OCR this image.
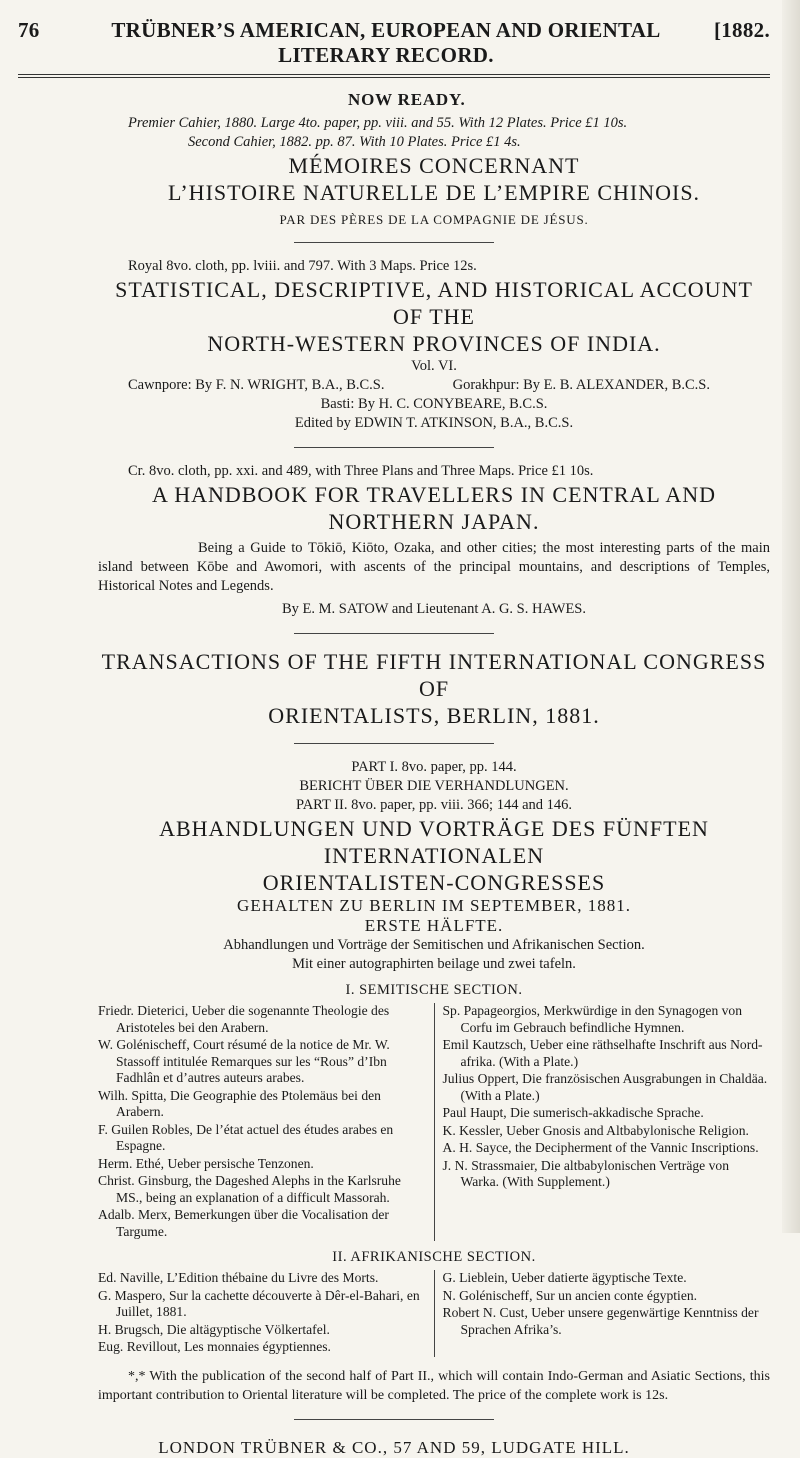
76	TRÜBNER’S AMERICAN, EUROPEAN AND ORIENTAL LITERARY RECORD.
[1882.
NOW READY.
Premier Cahier, 1880. Large 4to. paper, pp. viii. and 55. With 12 Plates. Price £1 10s.
Second Cahier, 1882. pp. 87. With 10 Plates. Price £1 4s.
MÉMOIRES CONCERNANT
L’HISTOIRE NATURELLE DE L’EMPIRE CHINOIS.
PAR DES PÈRES DE LA COMPAGNIE DE JÉSUS.
Royal 8vo. cloth, pp. lviii. and 797. With 3 Maps. Price 12s.
STATISTICAL, DESCRIPTIVE, AND HISTORICAL ACCOUNT OF THE
NORTH-WESTERN PROVINCES OF INDIA.
Vol. VI.
Cawnpore: By F. N. WRIGHT, B.A., B.C.S.	Gorakhpur: By E. B. ALEXANDER, B.C.S.
Basti: By H. C. CONYBEARE, B.C.S.
Edited by EDWIN T. ATKINSON, B.A., B.C.S.
Cr. 8vo. cloth, pp. xxi. and 489, with Three Plans and Three Maps. Price £1 10s.
A HANDBOOK FOR TRAVELLERS IN CENTRAL AND
NORTHERN JAPAN.
Being a Guide to Tōkiō, Kiōto, Ozaka, and other cities; the most interesting parts of the main island between Kōbe and Awomori, with ascents of the principal mountains, and descriptions of Temples, Historical Notes and Legends.
By E. M. SATOW and Lieutenant A. G. S. HAWES.
TRANSACTIONS OF THE FIFTH INTERNATIONAL CONGRESS OF
ORIENTALISTS, BERLIN, 1881.
PART I. 8vo. paper, pp. 144.
BERICHT ÜBER DIE VERHANDLUNGEN.
PART II. 8vo. paper, pp. viii. 366; 144 and 146.
ABHANDLUNGEN UND VORTRÄGE DES FÜNFTEN INTERNATIONALEN
ORIENTALISTEN-CONGRESSES
GEHALTEN ZU BERLIN IM SEPTEMBER, 1881.
ERSTE HÄLFTE.
Abhandlungen und Vorträge der Semitischen und Afrikanischen Section.
Mit einer autographirten beilage und zwei tafeln.
I. SEMITISCHE SECTION.
Friedr. Dieterici, Ueber die sogenannte Theologie des Aristoteles bei den Arabern.
W. Golénischeff, Court résumé de la notice de Mr. W. Stassoff intitulée Remarques sur les “Rous” d’Ibn Fadhlân et d’autres auteurs arabes.
Wilh. Spitta, Die Geographie des Ptolemäus bei den Arabern.
F. Guilen Robles, De l’état actuel des études arabes en Espagne.
Herm. Ethé, Ueber persische Tenzonen.
Christ. Ginsburg, the Dageshed Alephs in the Karlsruhe MS., being an explanation of a difficult Massorah.
Adalb. Merx, Bemerkungen über die Vocalisation der Targume.
Sp. Papageorgios, Merkwürdige in den Synagogen von Corfu im Gebrauch befindliche Hymnen.
Emil Kautzsch, Ueber eine räthselhafte Inschrift aus Nord-afrika. (With a Plate.)
Julius Oppert, Die französischen Ausgrabungen in Chaldäa. (With a Plate.)
Paul Haupt, Die sumerisch-akkadische Sprache.
K. Kessler, Ueber Gnosis and Altbabylonische Religion.
A. H. Sayce, the Decipherment of the Vannic Inscriptions.
J. N. Strassmaier, Die altbabylonischen Verträge von Warka. (With Supplement.)
II. AFRIKANISCHE SECTION.
Ed. Naville, L’Edition thébaine du Livre des Morts.
G. Maspero, Sur la cachette découverte à Dêr-el-Bahari, en Juillet, 1881.
H. Brugsch, Die altägyptische Völkertafel.
Eug. Revillout, Les monnaies égyptiennes.
G. Lieblein, Ueber datierte ägyptische Texte.
N. Golénischeff, Sur un ancien conte égyptien.
Robert N. Cust, Ueber unsere gegenwärtige Kenntniss der Sprachen Afrika’s.
*,* With the publication of the second half of Part II., which will contain Indo-German and Asiatic Sections, this important contribution to Oriental literature will be completed. The price of the complete work is 12s.
LONDON TRÜBNER & CO., 57 AND 59, LUDGATE HILL.
